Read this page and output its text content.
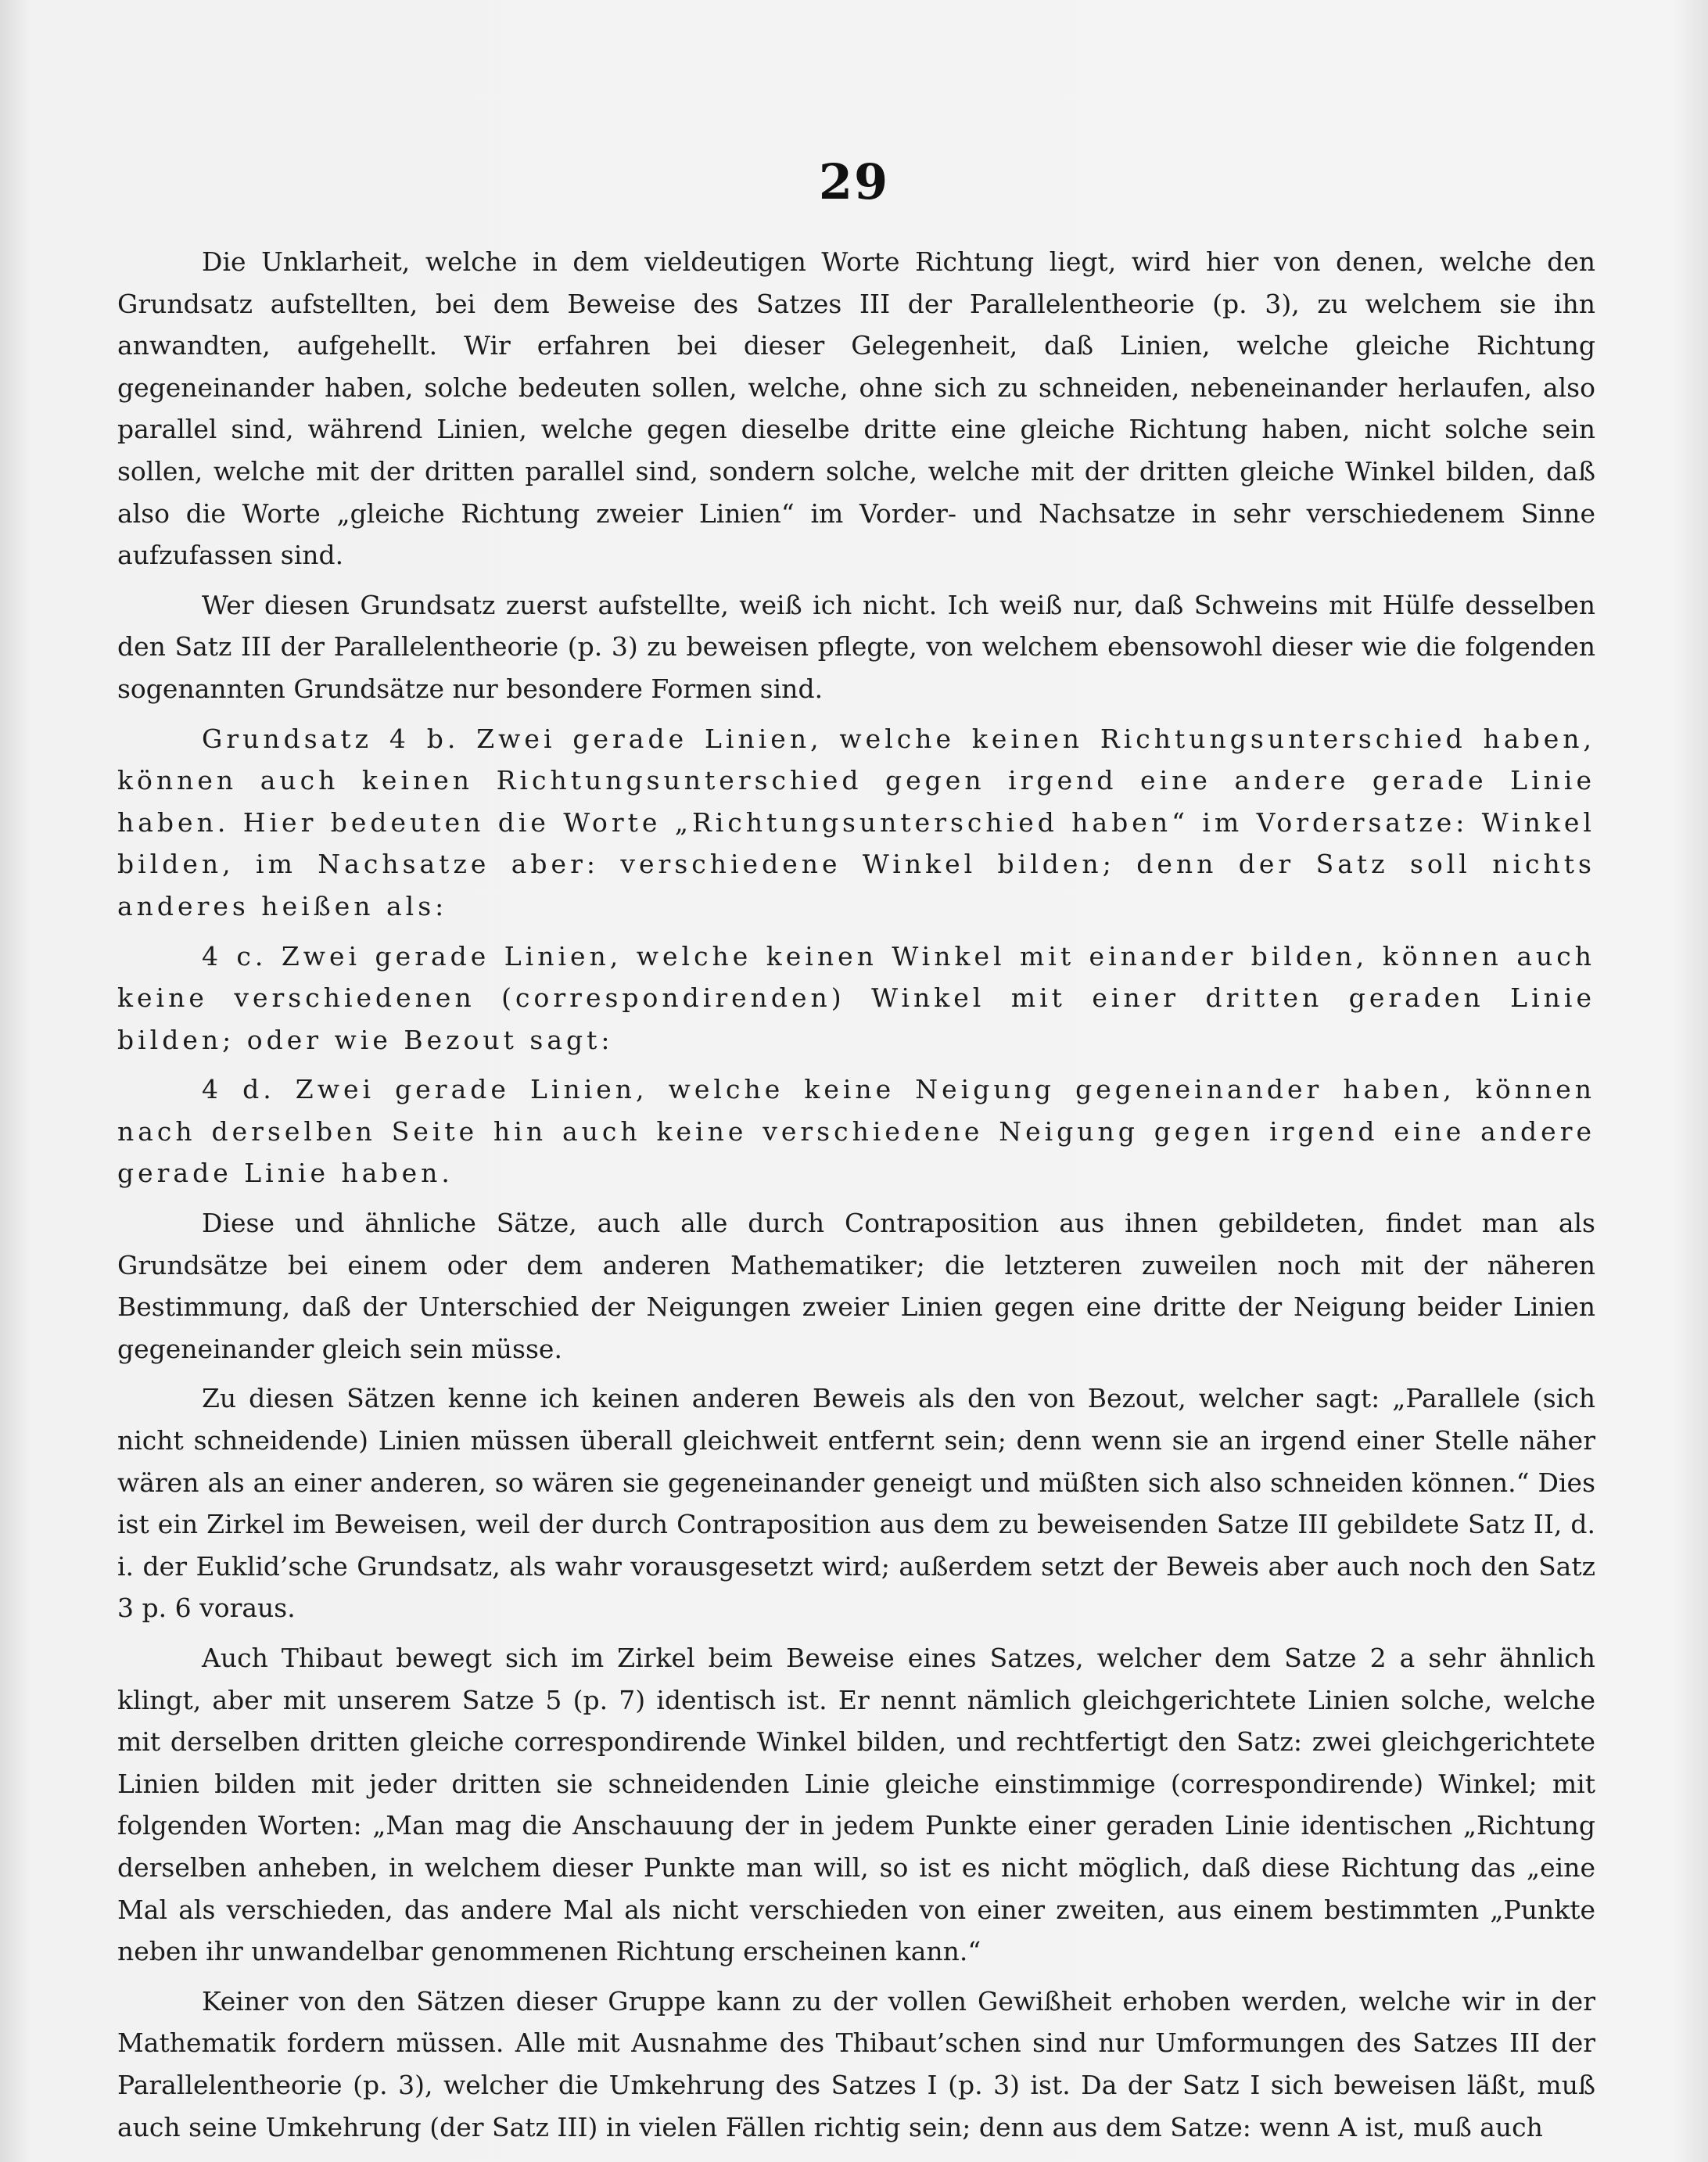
29

Die Unklarheit, welche in dem vieldeutigen Worte Richtung liegt, wird hier von denen, welche den Grundsatz aufstellten, bei dem Beweise des Satzes III der Parallelentheorie (p. 3), zu welchem sie ihn anwandten, aufgehellt. Wir erfahren bei dieser Gelegenheit, daß Linien, welche gleiche Richtung gegeneinander haben, solche bedeuten sollen, welche, ohne sich zu schneiden, nebeneinander herlaufen, also parallel sind, während Linien, welche gegen dieselbe dritte eine gleiche Richtung haben, nicht solche sein sollen, welche mit der dritten parallel sind, sondern solche, welche mit der dritten gleiche Winkel bilden, daß also die Worte „gleiche Richtung zweier Linien“ im Vorder- und Nachsatze in sehr verschiedenem Sinne aufzufassen sind.

Wer diesen Grundsatz zuerst aufstellte, weiß ich nicht. Ich weiß nur, daß Schweins mit Hülfe desselben den Satz III der Parallelentheorie (p. 3) zu beweisen pflegte, von welchem ebensowohl dieser wie die folgenden sogenannten Grundsätze nur besondere Formen sind.

Grundsatz 4 b. Zwei gerade Linien, welche keinen Richtungsunterschied haben, können auch keinen Richtungsunterschied gegen irgend eine andere gerade Linie haben. Hier bedeuten die Worte „Richtungsunterschied haben“ im Vordersatze: Winkel bilden, im Nachsatze aber: verschiedene Winkel bilden; denn der Satz soll nichts anderes heißen als:

4 c. Zwei gerade Linien, welche keinen Winkel mit einander bilden, können auch keine verschiedenen (correspondirenden) Winkel mit einer dritten geraden Linie bilden; oder wie Bezout sagt:

4 d. Zwei gerade Linien, welche keine Neigung gegeneinander haben, können nach derselben Seite hin auch keine verschiedene Neigung gegen irgend eine andere gerade Linie haben.

Diese und ähnliche Sätze, auch alle durch Contraposition aus ihnen gebildeten, findet man als Grundsätze bei einem oder dem anderen Mathematiker; die letzteren zuweilen noch mit der näheren Bestimmung, daß der Unterschied der Neigungen zweier Linien gegen eine dritte der Neigung beider Linien gegeneinander gleich sein müsse.

Zu diesen Sätzen kenne ich keinen anderen Beweis als den von Bezout, welcher sagt: „Parallele (sich nicht schneidende) Linien müssen überall gleichweit entfernt sein; denn wenn sie an irgend einer Stelle näher wären als an einer anderen, so wären sie gegeneinander geneigt und müßten sich also schneiden können.“ Dies ist ein Zirkel im Beweisen, weil der durch Contraposition aus dem zu beweisenden Satze III gebildete Satz II, d. i. der Euklid’sche Grundsatz, als wahr vorausgesetzt wird; außerdem setzt der Beweis aber auch noch den Satz 3 p. 6 voraus.

Auch Thibaut bewegt sich im Zirkel beim Beweise eines Satzes, welcher dem Satze 2 a sehr ähnlich klingt, aber mit unserem Satze 5 (p. 7) identisch ist. Er nennt nämlich gleichgerichtete Linien solche, welche mit derselben dritten gleiche correspondirende Winkel bilden, und rechtfertigt den Satz: zwei gleichgerichtete Linien bilden mit jeder dritten sie schneidenden Linie gleiche einstimmige (correspondirende) Winkel; mit folgenden Worten: „Man mag die Anschauung der in jedem Punkte einer geraden Linie identischen „Richtung derselben anheben, in welchem dieser Punkte man will, so ist es nicht möglich, daß diese Richtung das „eine Mal als verschieden, das andere Mal als nicht verschieden von einer zweiten, aus einem bestimmten „Punkte neben ihr unwandelbar genommenen Richtung erscheinen kann.“

Keiner von den Sätzen dieser Gruppe kann zu der vollen Gewißheit erhoben werden, welche wir in der Mathematik fordern müssen. Alle mit Ausnahme des Thibaut’schen sind nur Umformungen des Satzes III der Parallelentheorie (p. 3), welcher die Umkehrung des Satzes I (p. 3) ist. Da der Satz I sich beweisen läßt, muß auch seine Umkehrung (der Satz III) in vielen Fällen richtig sein; denn aus dem Satze: wenn A ist, muß auch
